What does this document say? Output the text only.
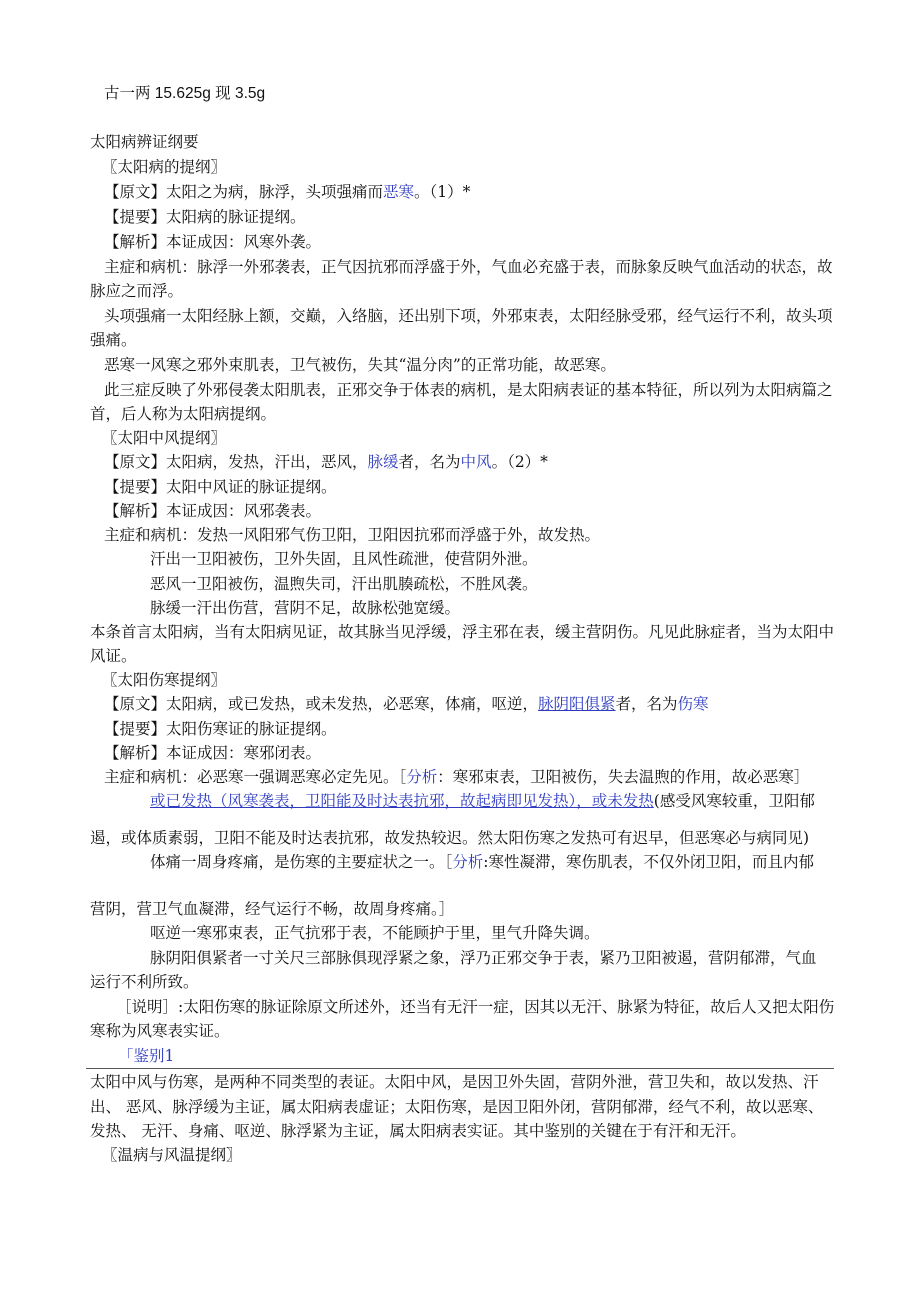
古一两 15.625g 现 3.5g
太阳病辨证纲要
〖太阳病的提纲〗
【原文】太阳之为病，脉浮，头项强痛而恶寒。（1）*
【提要】太阳病的脉证提纲。
【解析】本证成因：风寒外袭。
主症和病机：脉浮一外邪袭表，正气因抗邪而浮盛于外，气血必充盛于表，而脉象反映气血活动的状态，故
脉应之而浮。
头项强痛一太阳经脉上额，交巅，入络脑，还出别下项，外邪束表，太阳经脉受邪，经气运行不利，故头项
强痛。
恶寒一风寒之邪外束肌表，卫气被伤，失其“温分肉”的正常功能，故恶寒。
此三症反映了外邪侵袭太阳肌表，正邪交争于体表的病机，是太阳病表证的基本特征，所以列为太阳病篇之
首，后人称为太阳病提纲。
〖太阳中风提纲〗
【原文】太阳病，发热，汗出，恶风，脉缓者，名为中风。（2）*
【提要】太阳中风证的脉证提纲。
【解析】本证成因：风邪袭表。
主症和病机：发热一风阳邪气伤卫阳，卫阳因抗邪而浮盛于外，故发热。
汗出一卫阳被伤，卫外失固，且风性疏泄，使营阴外泄。
恶风一卫阳被伤，温煦失司，汗出肌腠疏松，不胜风袭。
脉缓一汗出伤营，营阴不足，故脉松弛宽缓。
本条首言太阳病，当有太阳病见证，故其脉当见浮缓，浮主邪在表，缓主营阴伤。凡见此脉症者，当为太阳中
风证。
〖太阳伤寒提纲〗
【原文】太阳病，或已发热，或未发热，必恶寒，体痛，呕逆，脉阴阳俱紧者，名为伤寒
【提要】太阳伤寒证的脉证提纲。
【解析】本证成因：寒邪闭表。
主症和病机：必恶寒一强调恶寒必定先见。［分析：寒邪束表，卫阳被伤，失去温煦的作用，故必恶寒］
或已发热（风寒袭表，卫阳能及时达表抗邪，故起病即见发热），或未发热(感受风寒较重，卫阳郁
遏，或体质素弱，卫阳不能及时达表抗邪，故发热较迟。然太阳伤寒之发热可有迟早，但恶寒必与病同见)
体痛一周身疼痛，是伤寒的主要症状之一。［分析:寒性凝滞，寒伤肌表，不仅外闭卫阳，而且内郁
营阴，营卫气血凝滞，经气运行不畅，故周身疼痛。］
呕逆一寒邪束表，正气抗邪于表，不能顾护于里，里气升降失调。
脉阴阳俱紧者一寸关尺三部脉俱现浮紧之象，浮乃正邪交争于表，紧乃卫阳被遏，营阴郁滞，气血
运行不利所致。
［说明］:太阳伤寒的脉证除原文所述外，还当有无汗一症，因其以无汗、脉紧为特征，故后人又把太阳伤
寒称为风寒表实证。
「鉴别1
太阳中风与伤寒，是两种不同类型的表证。太阳中风，是因卫外失固，营阴外泄，营卫失和，故以发热、汗
出、 恶风、脉浮缓为主证，属太阳病表虚证；太阳伤寒，是因卫阳外闭，营阴郁滞，经气不利，故以恶寒、
发热、 无汗、身痛、呕逆、脉浮紧为主证，属太阳病表实证。其中鉴别的关键在于有汗和无汗。
〖温病与风温提纲〗
